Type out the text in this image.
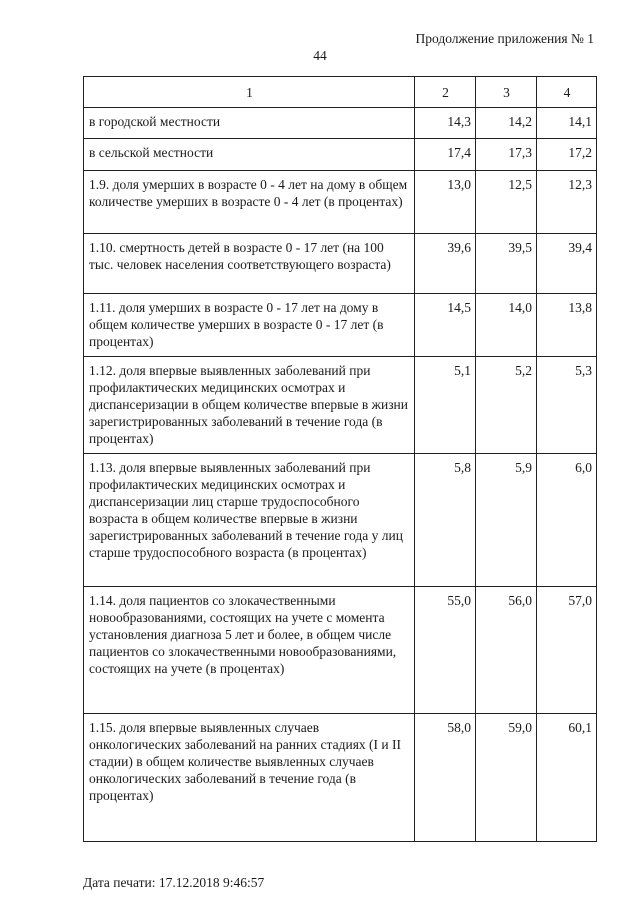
Продолжение приложения № 1
44
1	2	3	4
в городской местности	14,3	14,2	14,1
в сельской местности	17,4	17,3	17,2
1.9. доля умерших в возрасте 0 - 4 лет на дому в общем количестве умерших в возрасте 0 - 4 лет (в процентах)	13,0	12,5	12,3
1.10. смертность детей в возрасте 0 - 17 лет (на 100 тыс. человек населения соответствующего возраста)	39,6	39,5	39,4
1.11. доля умерших в возрасте 0 - 17 лет на дому в общем количестве умерших в возрасте 0 - 17 лет (в процентах)	14,5	14,0	13,8
1.12. доля впервые выявленных заболеваний при профилактических медицинских осмотрах и диспансеризации в общем количестве впервые в жизни зарегистрированных заболеваний в течение года (в процентах)	5,1	5,2	5,3
1.13. доля впервые выявленных заболеваний при профилактических медицинских осмотрах и диспансеризации лиц старше трудоспособного возраста в общем количестве впервые в жизни зарегистрированных заболеваний в течение года у лиц старше трудоспособного возраста (в процентах)	5,8	5,9	6,0
1.14. доля пациентов со злокачественными новообразованиями, состоящих на учете с момента установления диагноза 5 лет и более, в общем числе пациентов со злокачественными новообразованиями, состоящих на учете (в процентах)	55,0	56,0	57,0
1.15. доля впервые выявленных случаев онкологических заболеваний на ранних стадиях (I и II стадии) в общем количестве выявленных случаев онкологических заболеваний в течение года (в процентах)	58,0	59,0	60,1
Дата печати: 17.12.2018 9:46:57
